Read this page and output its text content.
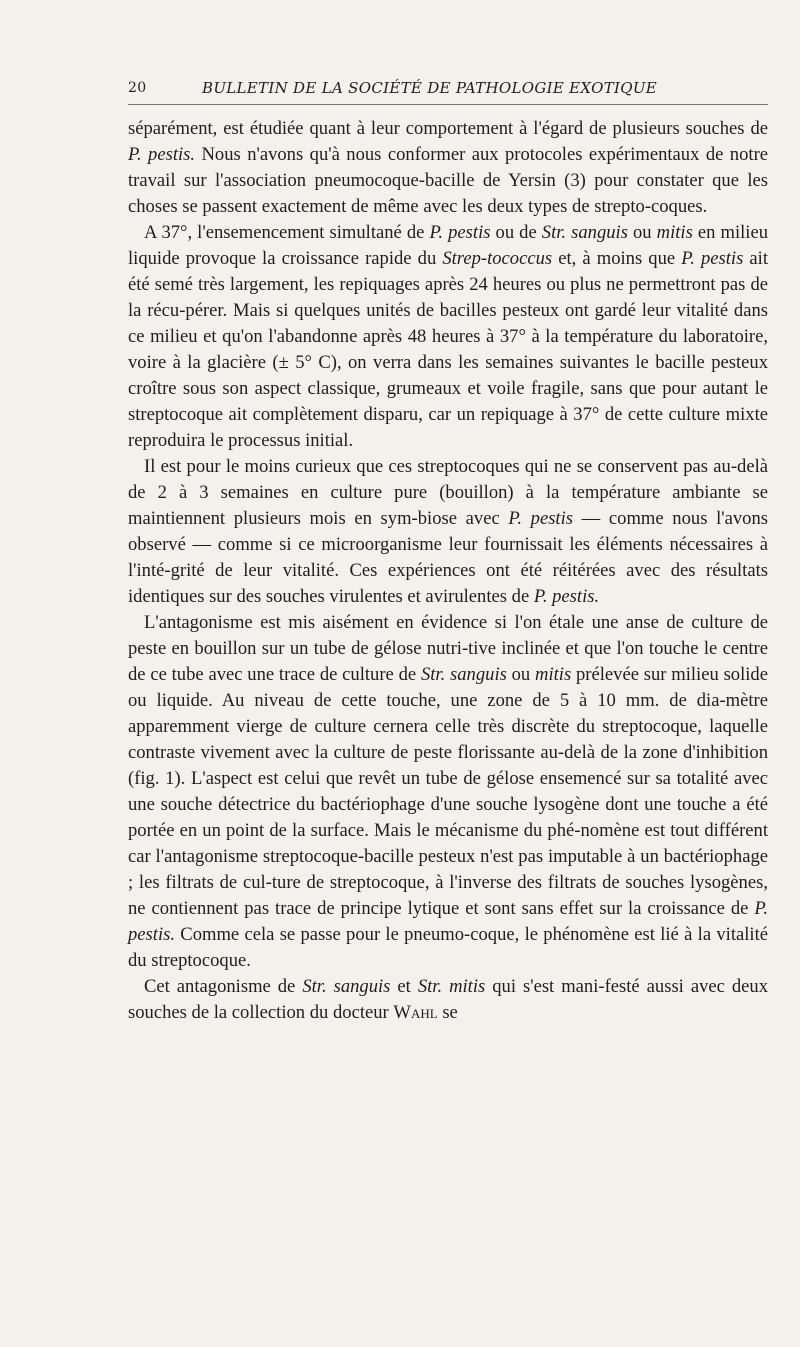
20	BULLETIN DE LA SOCIÉTÉ DE PATHOLOGIE EXOTIQUE

séparément, est étudiée quant à leur comportement à l'égard de plusieurs souches de P. pestis. Nous n'avons qu'à nous conformer aux protocoles expérimentaux de notre travail sur l'association pneumocoque-bacille de Yersin (3) pour constater que les choses se passent exactement de même avec les deux types de strepto-coques.

A 37°, l'ensemencement simultané de P. pestis ou de Str. sanguis ou mitis en milieu liquide provoque la croissance rapide du Strep-tococcus et, à moins que P. pestis ait été semé très largement, les repiquages après 24 heures ou plus ne permettront pas de la récu-pérer. Mais si quelques unités de bacilles pesteux ont gardé leur vitalité dans ce milieu et qu'on l'abandonne après 48 heures à 37° à la température du laboratoire, voire à la glacière (± 5° C), on verra dans les semaines suivantes le bacille pesteux croître sous son aspect classique, grumeaux et voile fragile, sans que pour autant le streptocoque ait complètement disparu, car un repiquage à 37° de cette culture mixte reproduira le processus initial.

Il est pour le moins curieux que ces streptocoques qui ne se conservent pas au-delà de 2 à 3 semaines en culture pure (bouillon) à la température ambiante se maintiennent plusieurs mois en sym-biose avec P. pestis — comme nous l'avons observé — comme si ce microorganisme leur fournissait les éléments nécessaires à l'inté-grité de leur vitalité. Ces expériences ont été réitérées avec des résultats identiques sur des souches virulentes et avirulentes de P. pestis.

L'antagonisme est mis aisément en évidence si l'on étale une anse de culture de peste en bouillon sur un tube de gélose nutri-tive inclinée et que l'on touche le centre de ce tube avec une trace de culture de Str. sanguis ou mitis prélevée sur milieu solide ou liquide. Au niveau de cette touche, une zone de 5 à 10 mm. de dia-mètre apparemment vierge de culture cernera celle très discrète du streptocoque, laquelle contraste vivement avec la culture de peste florissante au-delà de la zone d'inhibition (fig. 1). L'aspect est celui que revêt un tube de gélose ensemencé sur sa totalité avec une souche détectrice du bactériophage d'une souche lysogène dont une touche a été portée en un point de la surface. Mais le mécanisme du phé-nomène est tout différent car l'antagonisme streptocoque-bacille pesteux n'est pas imputable à un bactériophage ; les filtrats de cul-ture de streptocoque, à l'inverse des filtrats de souches lysogènes, ne contiennent pas trace de principe lytique et sont sans effet sur la croissance de P. pestis. Comme cela se passe pour le pneumo-coque, le phénomène est lié à la vitalité du streptocoque.

Cet antagonisme de Str. sanguis et Str. mitis qui s'est mani-festé aussi avec deux souches de la collection du docteur Wahl se
